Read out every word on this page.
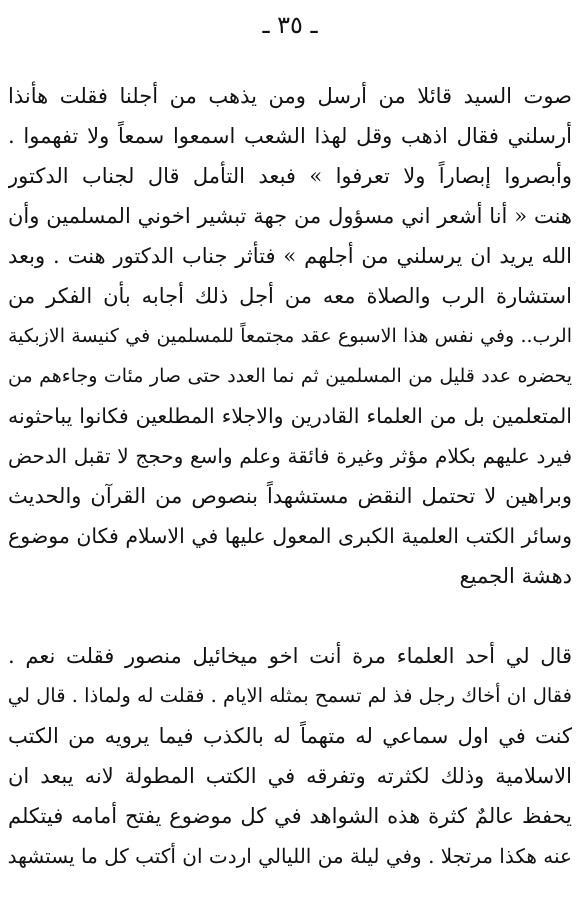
ـ ٣٥ ـ
صوت السيد قائلا من أرسل ومن يذهب من أجلنا فقلت هأنذا
أرسلني فقال اذهب وقل لهذا الشعب اسمعوا سمعاً ولا تفهموا .
وأبصروا إبصاراً ولا تعرفوا » فبعد التأمل قال لجناب الدكتور
هنت « أنا أشعر اني مسؤول من جهة تبشير اخوني المسلمين وأن
الله يريد ان يرسلني من أجلهم » فتأثر جناب الدكتور هنت . وبعد
استشارة الرب والصلاة معه من أجل ذلك أجابه بأن الفكر من
الرب.. وفي نفس هذا الاسبوع عقد مجتمعاً للمسلمين في كنيسة الازبكية
يحضره عدد قليل من المسلمين ثم نما العدد حتى صار مئات وجاءهم من
المتعلمين بل من العلماء القادرين والاجلاء المطلعين فكانوا يباحثونه
فيرد عليهم بكلام مؤثر وغيرة فائقة وعلم واسع وحجج لا تقبل الدحض
وبراهين لا تحتمل النقض مستشهداً بنصوص من القرآن والحديث
وسائر الكتب العلمية الكبرى المعول عليها في الاسلام فكان موضوع
دهشة الجميع
قال لي أحد العلماء مرة أنت اخو ميخائيل منصور فقلت نعم .
فقال ان أخاك رجل فذ لم تسمح بمثله الايام . فقلت له ولماذا . قال لي
كنت في اول سماعي له متهماً له بالكذب فيما يرويه من الكتب
الاسلامية وذلك لكثرته وتفرقه في الكتب المطولة لانه يبعد ان
يحفظ عالمٌ كثرة هذه الشواهد في كل موضوع يفتح أمامه فيتكلم
عنه هكذا مرتجلا . وفي ليلة من الليالي اردت ان أكتب كل ما يستشهد
